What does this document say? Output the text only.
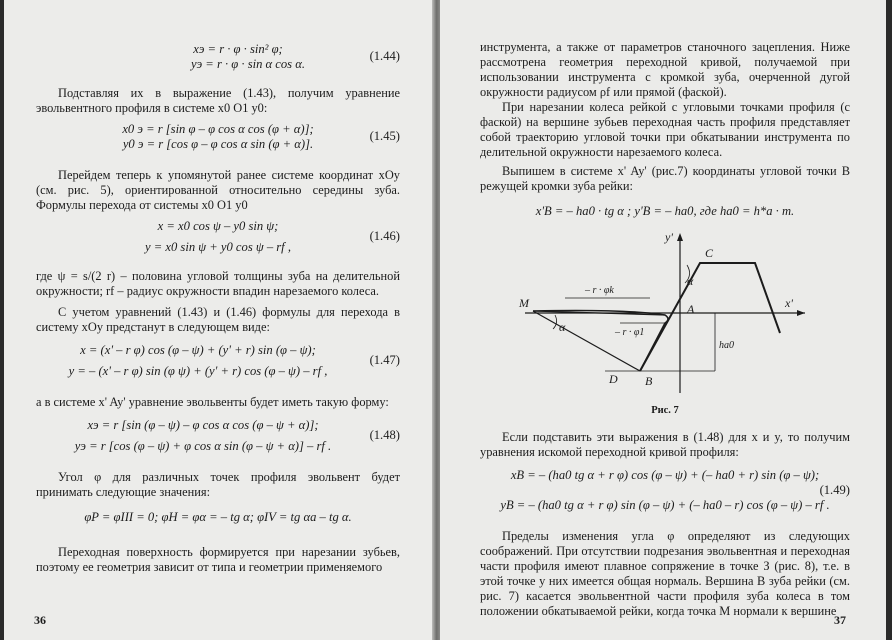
xэ = r · φ · sin² φ;
yэ = r · φ · sin α cos α.
(1.44)

Подставляя их в выражение (1.43), получим уравнение эвольвентного профиля в системе x0 O1 y0:

x0 э = r [sin φ – φ cos α cos (φ + α)];
y0 э = r [cos φ – φ cos α sin (φ + α)].
(1.45)

Перейдем теперь к упомянутой ранее системе координат xOy (см. рис. 5), ориентированной относительно середины зуба. Формулы перехода от системы x0 O1 y0

x = x0 cos ψ – y0 sin ψ;
y = x0 sin ψ + y0 cos ψ – rf ,
(1.46)

где ψ = s/(2 r) – половина угловой толщины зуба на делительной окружности; rf – радиус окружности впадин нарезаемого колеса.

С учетом уравнений (1.43) и (1.46) формулы для перехода в систему xOy предстанут в следующем виде:

x = (x' – r φ) cos (φ – ψ) + (y' + r) sin (φ – ψ);
y = – (x' – r φ) sin (φ ψ) + (y' + r) cos (φ – ψ) – rf ,
(1.47)

а в системе x' Ay' уравнение эвольвенты будет иметь такую форму:

xэ = r [sin (φ – ψ) – φ cos α cos (φ – ψ + α)];
yэ = r [cos (φ – ψ) + φ cos α sin (φ – ψ + α)] – rf .
(1.48)

Угол φ для различных точек профиля эвольвент будет принимать следующие значения:

φP = φIII = 0; φH = φα = – tg α; φIV = tg αa – tg α.

Переходная поверхность формируется при нарезании зубьев, поэтому ее геометрия зависит от типа и геометрии применяемого

36

инструмента, а также от параметров станочного зацепления. Ниже рассмотрена геометрия переходной кривой, получаемой при использовании инструмента с кромкой зуба, очерченной дугой окружности радиусом ρf или прямой (фаской).

При нарезании колеса рейкой с угловыми точками профиля (с фаской) на вершине зубьев переходная часть профиля представляет собой траекторию угловой точки при обкатывании инструмента по делительной окружности нарезаемого колеса.

Выпишем в системе x' Ay' (рис.7) координаты угловой точки B режущей кромки зуба рейки:

x'B = – ha0 · tg α ; y'B = – ha0, где ha0 = h*a · m.
M	A
B
C
D
α
α
x'
y'
– r · φk
– r · φ1
ha0
Рис. 7

Если подставить эти выражения в (1.48) для x и y, то получим уравнения искомой переходной кривой профиля:

xB = – (ha0 tg α + r φ) cos (φ – ψ) + (– ha0 + r) sin (φ – ψ);
(1.49)
yB = – (ha0 tg α + r φ) sin (φ – ψ) + (– ha0 – r) cos (φ – ψ) – rf .

Пределы изменения угла φ определяют из следующих соображений. При отсутствии подрезания эвольвентная и переходная части профиля имеют плавное сопряжение в точке З (рис. 8), т.е. в этой точке у них имеется общая нормаль. Вершина B зуба рейки (см. рис. 7) касается эвольвентной части профиля зуба колеса в том положении обкатываемой рейки, когда точка M нормали к вершине

37
